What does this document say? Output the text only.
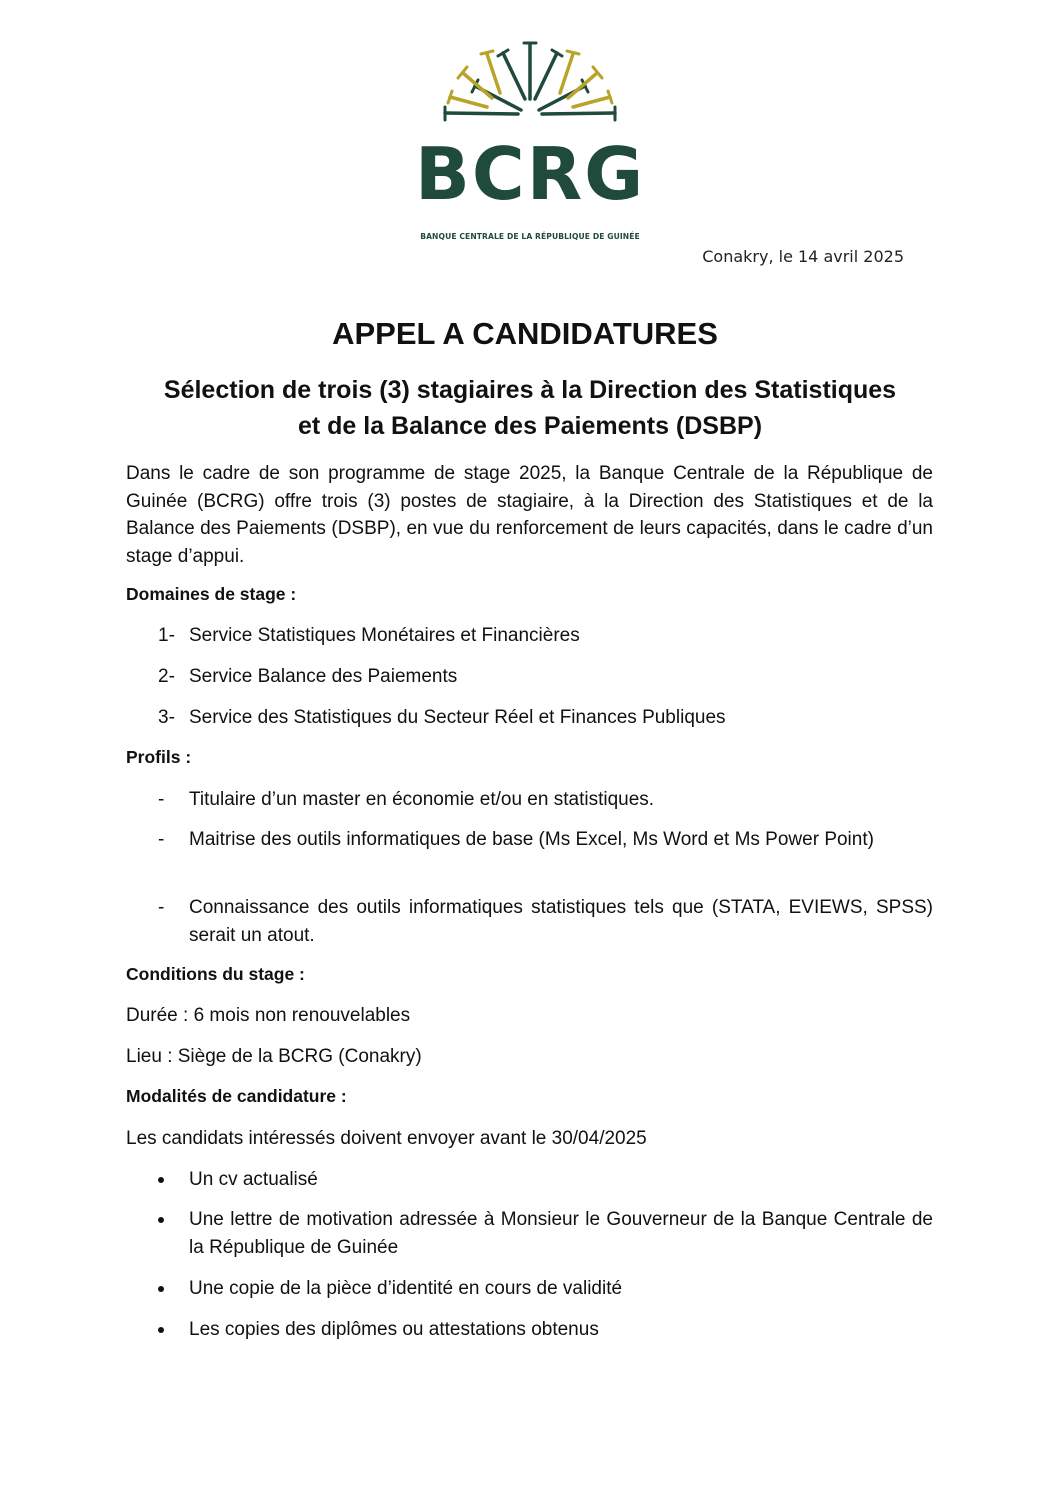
BCRG
BANQUE CENTRALE DE LA RÉPUBLIQUE DE GUINÉE
Conakry, le 14 avril 2025
APPEL A CANDIDATURES
Sélection de trois (3) stagiaires à la Direction des Statistiques
et de la Balance des Paiements (DSBP)
Dans le cadre de son programme de stage 2025, la Banque Centrale de la République de Guinée (BCRG) offre trois (3) postes de stagiaire, à la Direction des Statistiques et de la Balance des Paiements (DSBP), en vue du renforcement de leurs capacités, dans le cadre d’un stage d’appui.
Domaines de stage :
1- Service Statistiques Monétaires et Financières
2- Service Balance des Paiements
3- Service des Statistiques du Secteur Réel et Finances Publiques
Profils :
-	Titulaire d’un master en économie et/ou en statistiques.
-	Maitrise des outils informatiques de base (Ms Excel, Ms Word et Ms Power Point)
-	Connaissance des outils informatiques statistiques tels que (STATA, EVIEWS, SPSS) serait un atout.
Conditions du stage :
Durée : 6 mois non renouvelables
Lieu : Siège de la BCRG (Conakry)
Modalités de candidature :
Les candidats intéressés doivent envoyer avant le 30/04/2025
Un cv actualisé
Une lettre de motivation adressée à Monsieur le Gouverneur de la Banque Centrale de la République de Guinée
Une copie de la pièce d’identité en cours de validité
Les copies des diplômes ou attestations obtenus
